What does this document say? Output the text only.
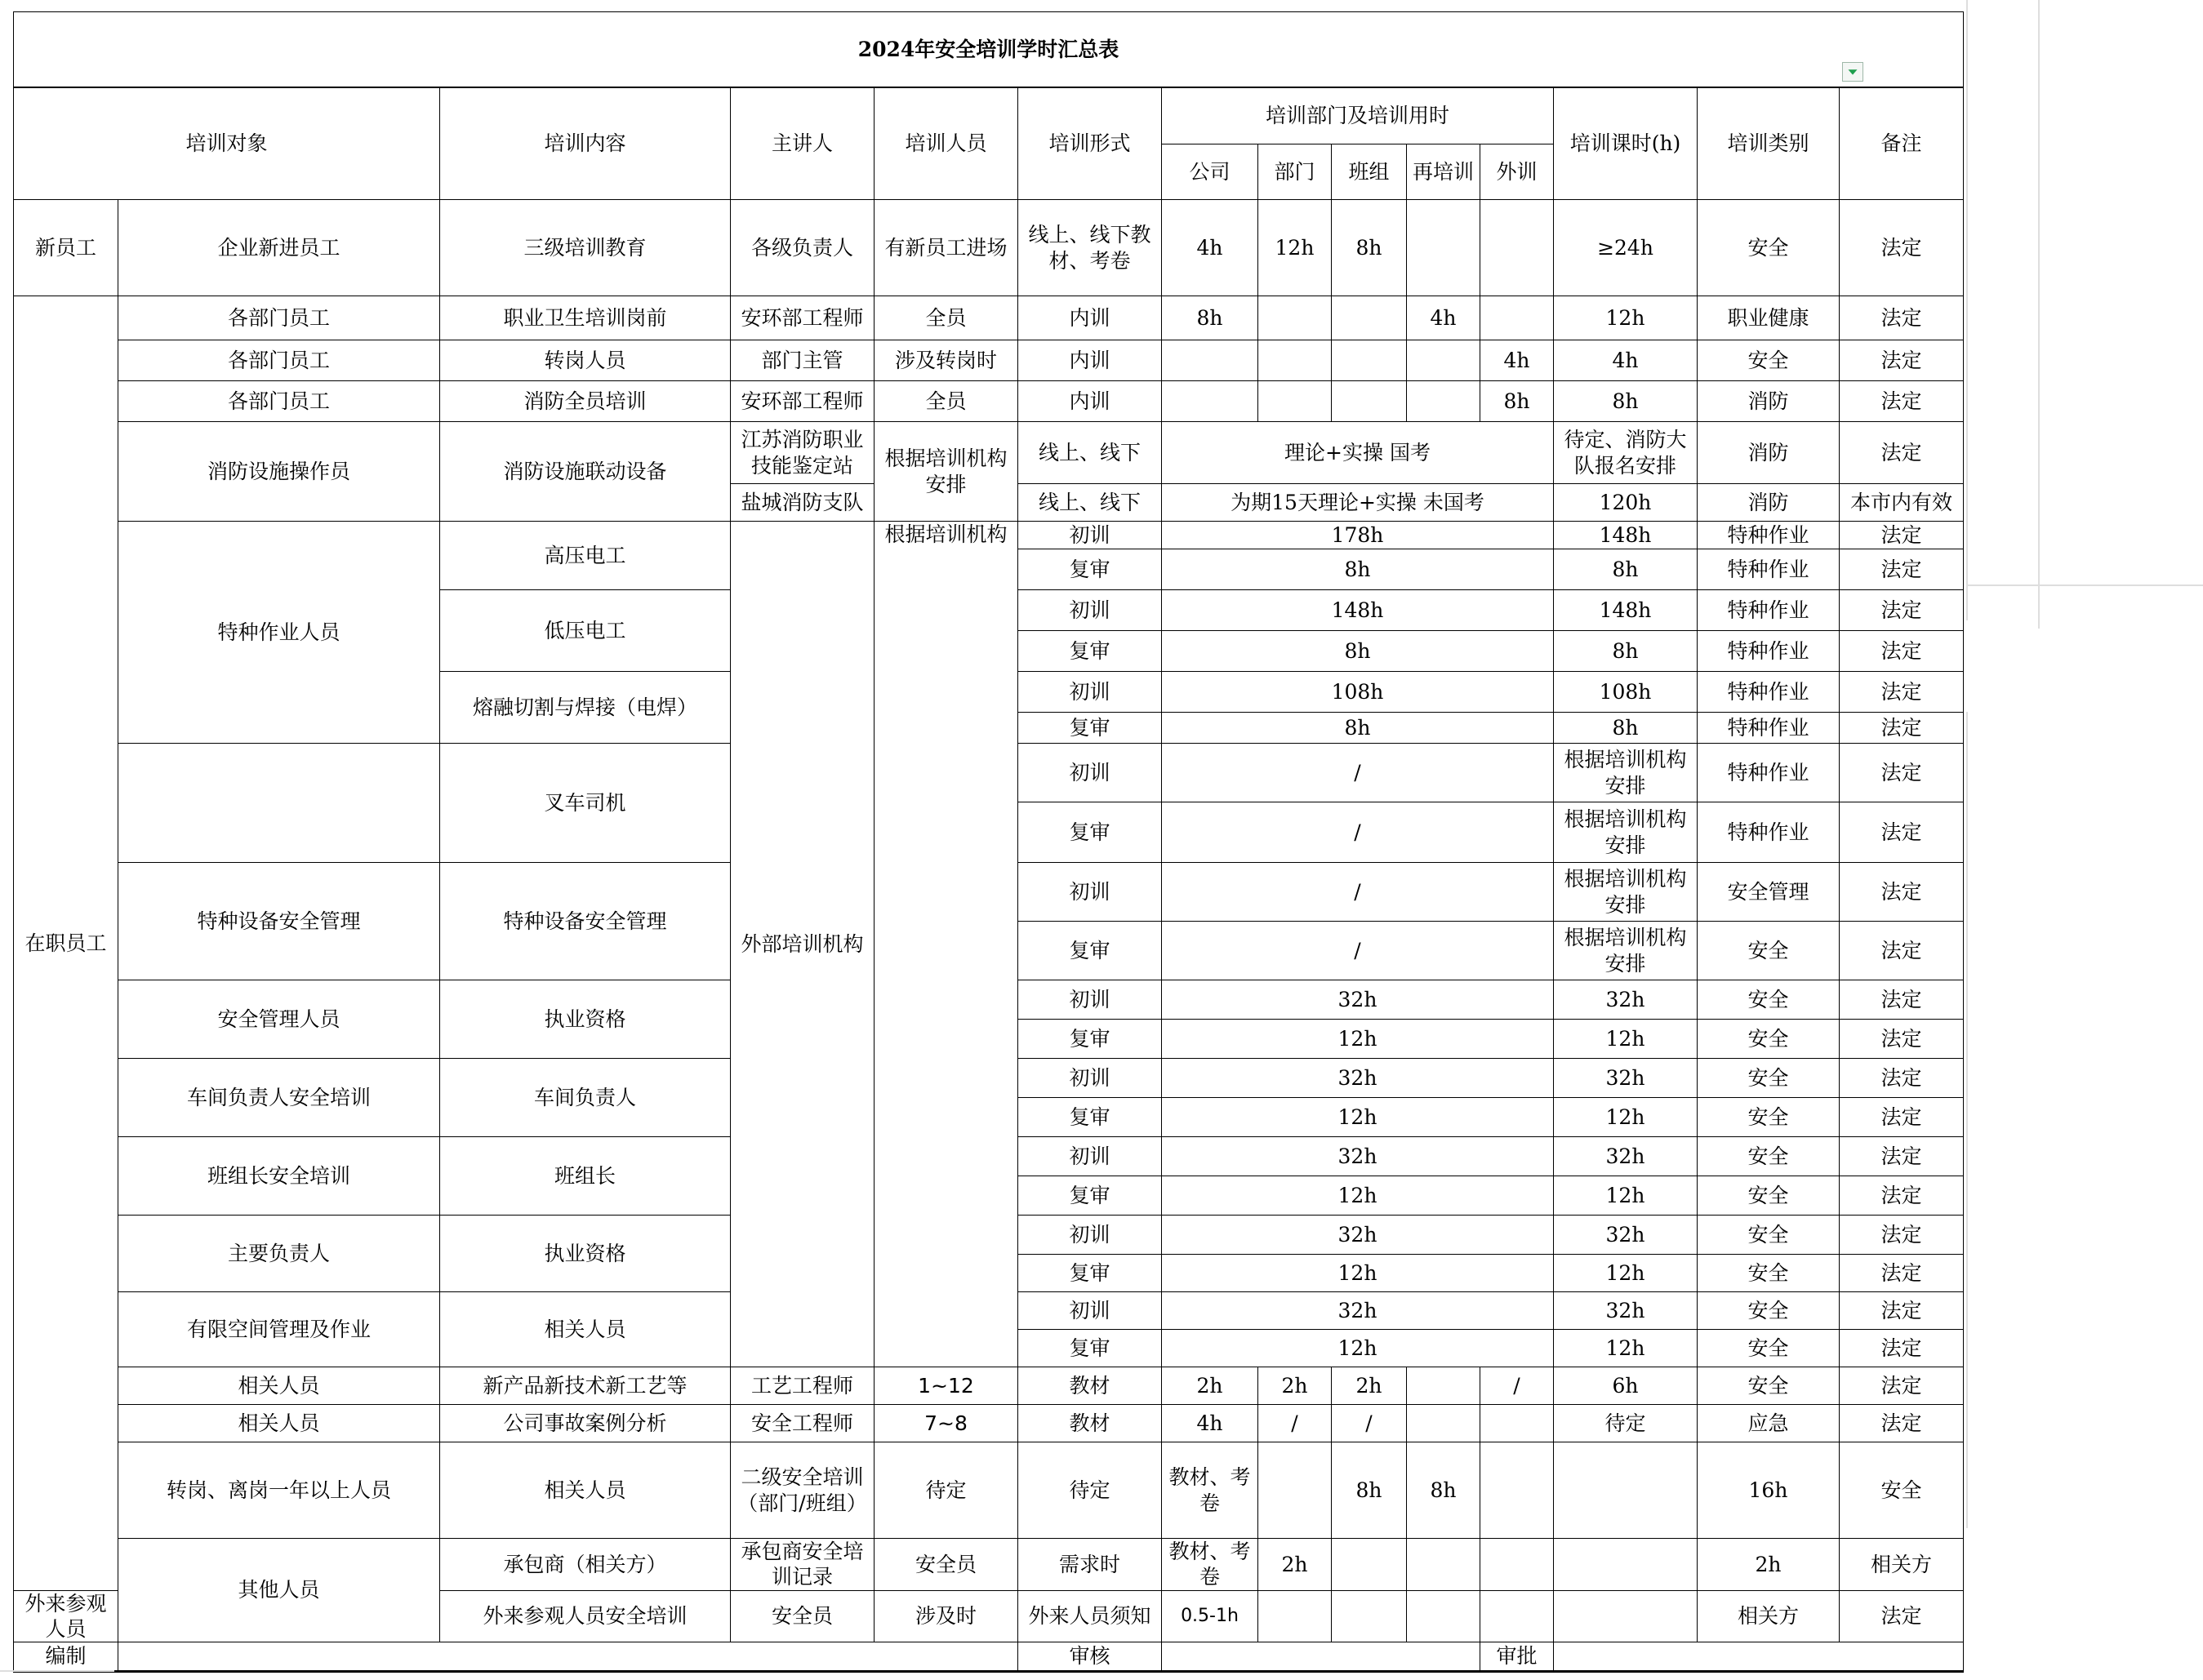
2024年安全培训学时汇总表														

培训对象		培训内容	主讲人	培训人员	培训形式	培训部门及培训用时					培训课时(h)	培训类别	备注	
						公司	部门	班组	再培训	外训				
新员工	企业新进员工	三级培训教育	各级负责人	有新员工进场	线上、线下教材、考卷	4h	12h	8h			≥24h	安全	法定	
在职员工	各部门员工	职业卫生培训岗前	安环部工程师	全员	内训	8h			4h		12h	职业健康	法定	
	各部门员工	转岗人员	部门主管	涉及转岗时	内训					4h	4h	安全	法定	
	各部门员工	消防全员培训	安环部工程师	全员	内训					8h	8h	消防	法定	
	消防设施操作员	消防设施联动设备	江苏消防职业技能鉴定站	根据培训机构安排	线上、线下	理论+实操 国考					待定、消防大队报名安排	消防	法定	
			盐城消防支队		线上、线下	为期15天理论+实操 未国考					120h	消防	本市内有效	
	特种作业人员	高压电工	外部培训机构	根据培训机构	初训	178h					148h	特种作业	法定	
					复审	8h					8h	特种作业	法定	
		低压电工			初训	148h					148h	特种作业	法定	
					复审	8h					8h	特种作业	法定	
		熔融切割与焊接（电焊）			初训	108h					108h	特种作业	法定	
					复审	8h					8h	特种作业	法定	
		叉车司机			初训	/					根据培训机构安排	特种作业	法定	
					复审	/					根据培训机构安排	特种作业	法定	
	特种设备安全管理	特种设备安全管理			初训	/					根据培训机构安排	安全管理	法定	
					复审	/					根据培训机构安排	安全	法定	
	安全管理人员	执业资格			初训	32h					32h	安全	法定	
					复审	12h					12h	安全	法定	
	车间负责人安全培训	车间负责人			初训	32h					32h	安全	法定	
					复审	12h					12h	安全	法定	
	班组长安全培训	班组长			初训	32h					32h	安全	法定	
					复审	12h					12h	安全	法定	
	主要负责人	执业资格			初训	32h					32h	安全	法定	
					复审	12h					12h	安全	法定	
	有限空间管理及作业	相关人员			初训	32h					32h	安全	法定	
					复审	12h					12h	安全	法定	
	相关人员	新产品新技术新工艺等	工艺工程师	1~12	教材	2h	2h	2h		/	6h	安全	法定	
	相关人员	公司事故案例分析	安全工程师	7~8	教材	4h	/	/			待定	应急	法定	
	转岗、离岗一年以上人员	相关人员	二级安全培训（部门/班组）	待定	待定	教材、考卷		8h	8h			16h	安全	
	其他人员	承包商（相关方）	承包商安全培训记录	安全员	需求时	教材、考卷	2h					2h	相关方	
外来参观人员		外来参观人员安全培训	安全员	涉及时	外来人员须知	0.5-1h						相关方	法定	
编制					审核					审批				
